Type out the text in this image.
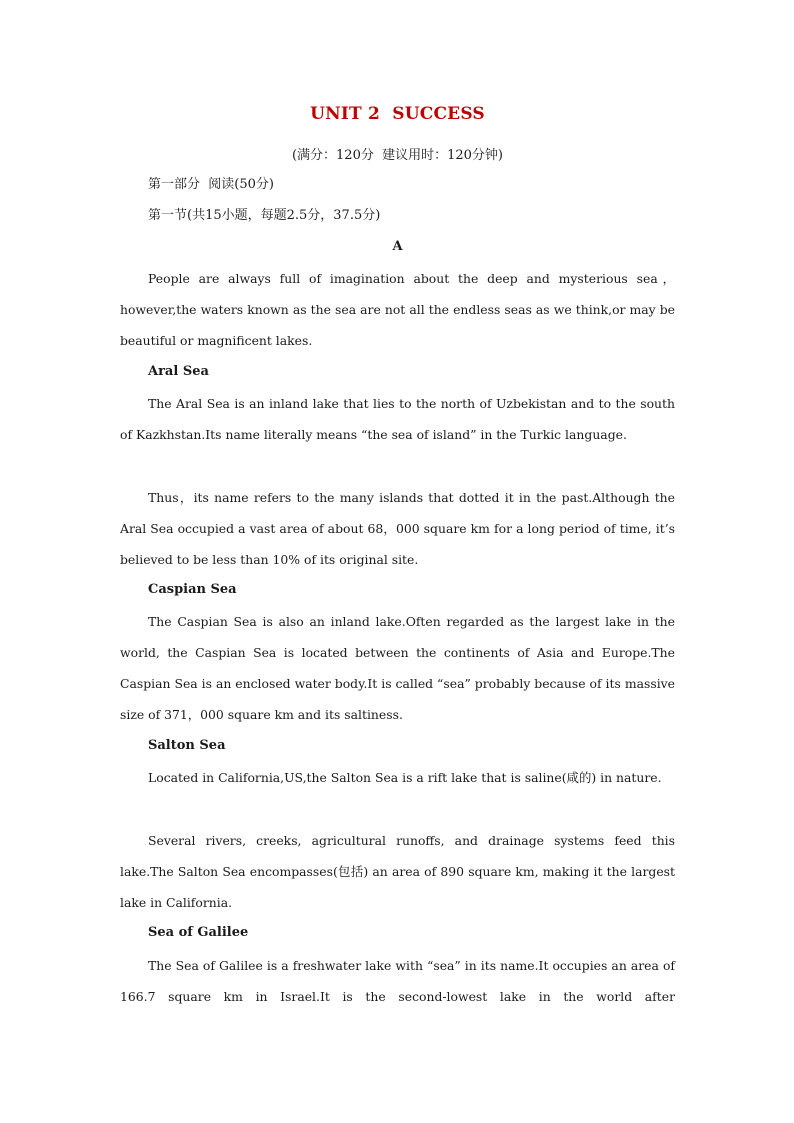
UNIT 2  SUCCESS
(满分：120分  建议用时：120分钟)
第一部分  阅读(50分)
第一节(共15小题，每题2.5分，37.5分)
A
People are always full of imagination about the deep and mysterious sea，however,the waters known as the sea are not all the endless seas as we think,or may be beautiful or magnificent lakes.
Aral Sea
The Aral Sea is an inland lake that lies to the north of Uzbekistan and to the south of Kazkhstan.Its name literally means “the sea of island” in the Turkic language.
Thus，its name refers to the many islands that dotted it in the past.Although the Aral Sea occupied a vast area of about 68，000 square km for a long period of time, it’s believed to be less than 10% of its original site.
Caspian Sea
The Caspian Sea is also an inland lake.Often regarded as the largest lake in the world, the Caspian Sea is located between the continents of Asia and Europe.The Caspian Sea is an enclosed water body.It is called “sea” probably because of its massive size of 371，000 square km and its saltiness.
Salton Sea
Located in California,US,the Salton Sea is a rift lake that is saline(咸的) in nature.
Several rivers, creeks, agricultural runoffs, and drainage systems feed this lake.The Salton Sea encompasses(包括) an area of 890 square km, making it the largest lake in California.
Sea of Galilee
The Sea of Galilee is a freshwater lake with “sea” in its name.It occupies an area of 166.7 square km in Israel.It is the second-lowest lake in the world after
